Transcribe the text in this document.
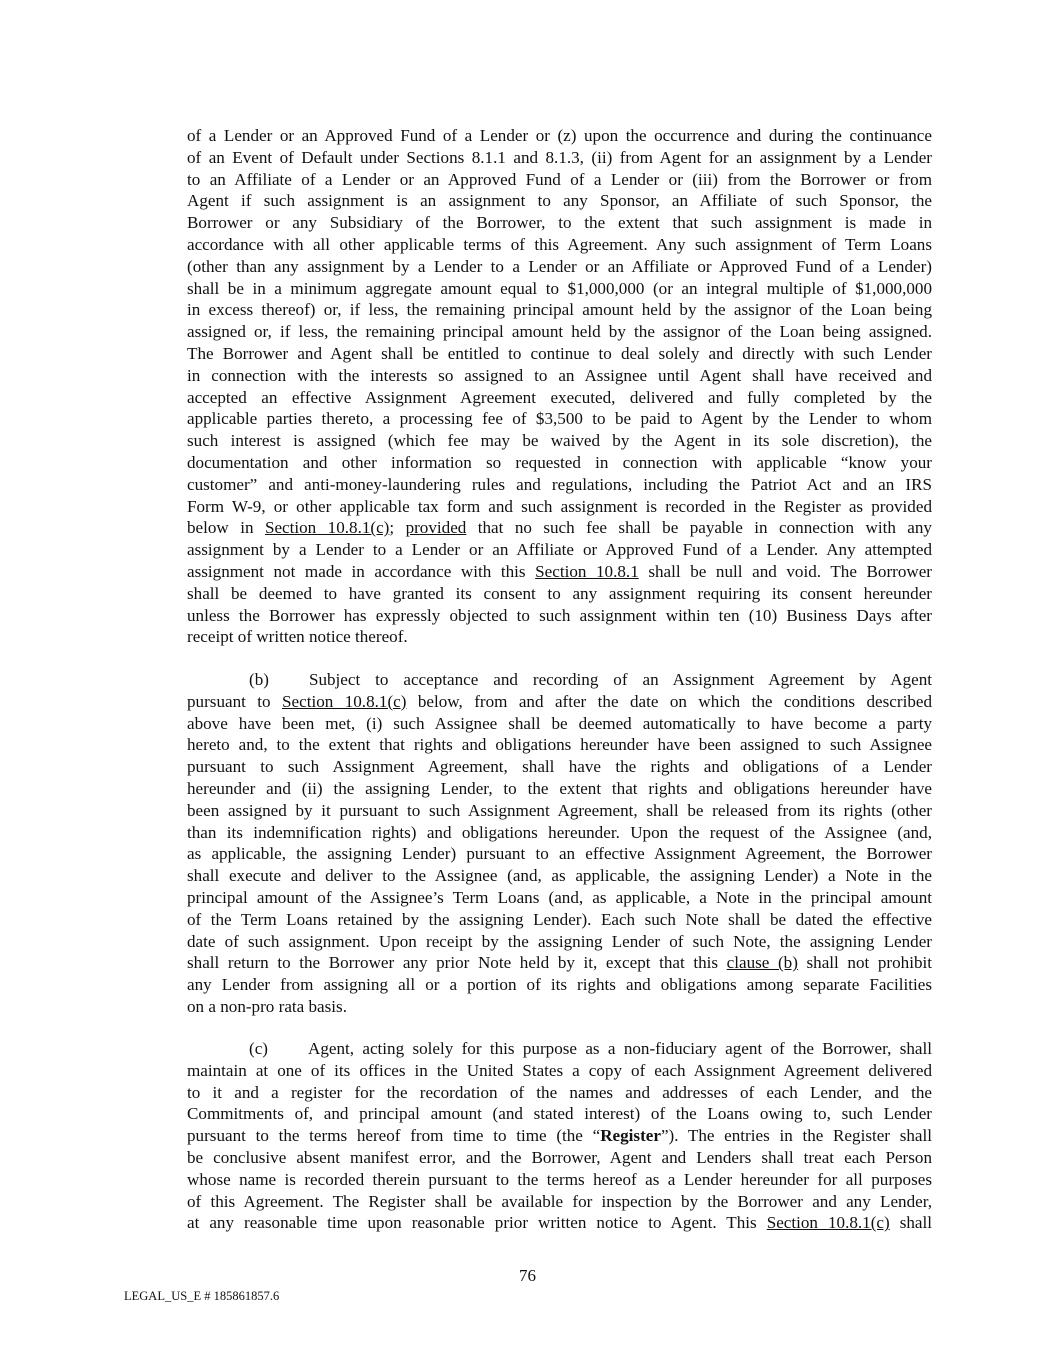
of a Lender or an Approved Fund of a Lender or (z) upon the occurrence and during the continuance
of an Event of Default under Sections 8.1.1 and 8.1.3, (ii) from Agent for an assignment by a Lender
to an Affiliate of a Lender or an Approved Fund of a Lender or (iii) from the Borrower or from
Agent if such assignment is an assignment to any Sponsor, an Affiliate of such Sponsor, the
Borrower or any Subsidiary of the Borrower, to the extent that such assignment is made in
accordance with all other applicable terms of this Agreement. Any such assignment of Term Loans
(other than any assignment by a Lender to a Lender or an Affiliate or Approved Fund of a Lender)
shall be in a minimum aggregate amount equal to $1,000,000 (or an integral multiple of $1,000,000
in excess thereof) or, if less, the remaining principal amount held by the assignor of the Loan being
assigned or, if less, the remaining principal amount held by the assignor of the Loan being assigned.
The Borrower and Agent shall be entitled to continue to deal solely and directly with such Lender
in connection with the interests so assigned to an Assignee until Agent shall have received and
accepted an effective Assignment Agreement executed, delivered and fully completed by the
applicable parties thereto, a processing fee of $3,500 to be paid to Agent by the Lender to whom
such interest is assigned (which fee may be waived by the Agent in its sole discretion), the
documentation and other information so requested in connection with applicable “know your
customer” and anti-money-laundering rules and regulations, including the Patriot Act and an IRS
Form W-9, or other applicable tax form and such assignment is recorded in the Register as provided
below in Section 10.8.1(c); provided that no such fee shall be payable in connection with any
assignment by a Lender to a Lender or an Affiliate or Approved Fund of a Lender. Any attempted
assignment not made in accordance with this Section 10.8.1 shall be null and void. The Borrower
shall be deemed to have granted its consent to any assignment requiring its consent hereunder
unless the Borrower has expressly objected to such assignment within ten (10) Business Days after
receipt of written notice thereof.
(b) Subject to acceptance and recording of an Assignment Agreement by Agent
pursuant to Section 10.8.1(c) below, from and after the date on which the conditions described
above have been met, (i) such Assignee shall be deemed automatically to have become a party
hereto and, to the extent that rights and obligations hereunder have been assigned to such Assignee
pursuant to such Assignment Agreement, shall have the rights and obligations of a Lender
hereunder and (ii) the assigning Lender, to the extent that rights and obligations hereunder have
been assigned by it pursuant to such Assignment Agreement, shall be released from its rights (other
than its indemnification rights) and obligations hereunder. Upon the request of the Assignee (and,
as applicable, the assigning Lender) pursuant to an effective Assignment Agreement, the Borrower
shall execute and deliver to the Assignee (and, as applicable, the assigning Lender) a Note in the
principal amount of the Assignee’s Term Loans (and, as applicable, a Note in the principal amount
of the Term Loans retained by the assigning Lender). Each such Note shall be dated the effective
date of such assignment. Upon receipt by the assigning Lender of such Note, the assigning Lender
shall return to the Borrower any prior Note held by it, except that this clause (b) shall not prohibit
any Lender from assigning all or a portion of its rights and obligations among separate Facilities
on a non-pro rata basis.
(c) Agent, acting solely for this purpose as a non-fiduciary agent of the Borrower, shall
maintain at one of its offices in the United States a copy of each Assignment Agreement delivered
to it and a register for the recordation of the names and addresses of each Lender, and the
Commitments of, and principal amount (and stated interest) of the Loans owing to, such Lender
pursuant to the terms hereof from time to time (the “Register”). The entries in the Register shall
be conclusive absent manifest error, and the Borrower, Agent and Lenders shall treat each Person
whose name is recorded therein pursuant to the terms hereof as a Lender hereunder for all purposes
of this Agreement. The Register shall be available for inspection by the Borrower and any Lender,
at any reasonable time upon reasonable prior written notice to Agent. This Section 10.8.1(c) shall
76
LEGAL_US_E # 185861857.6
